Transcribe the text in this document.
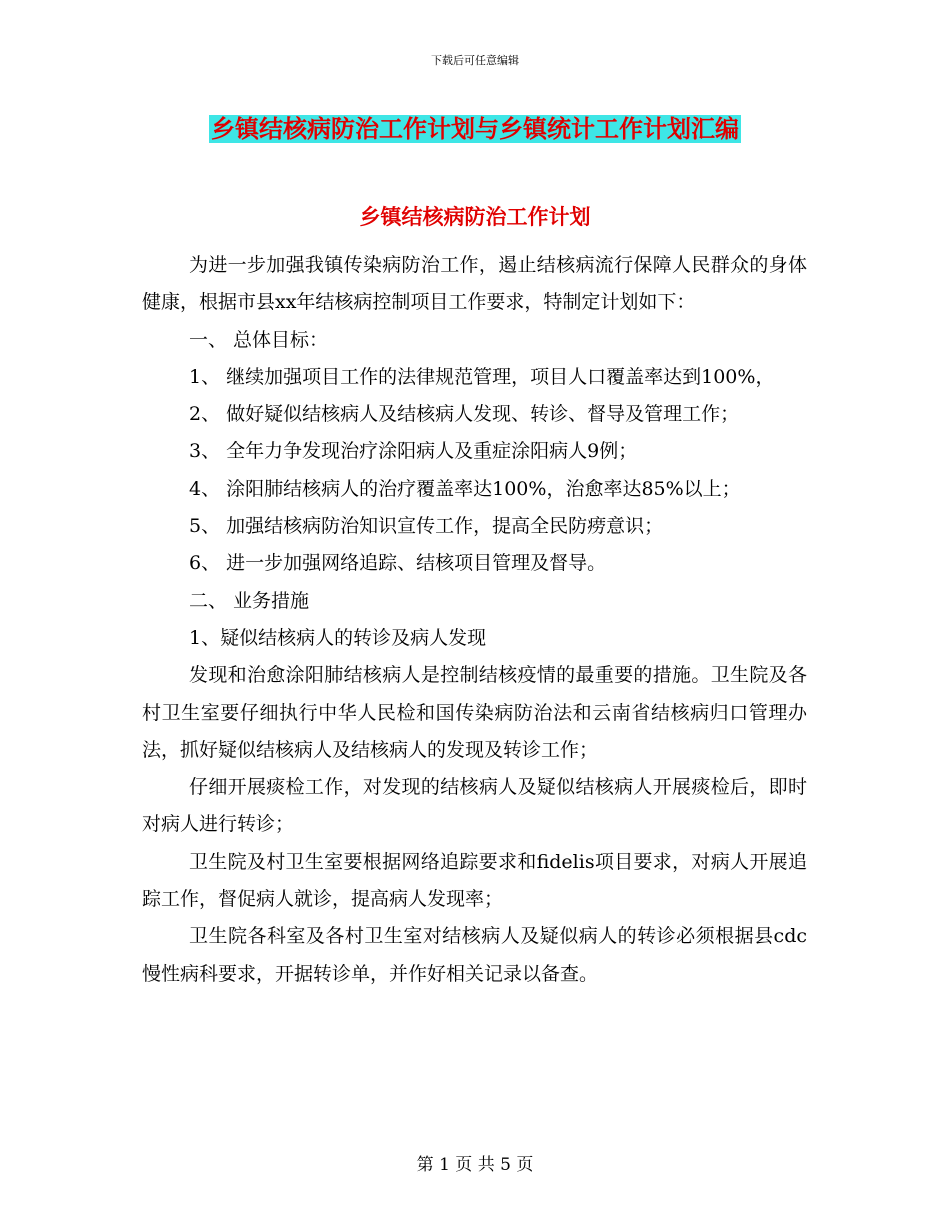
下载后可任意编辑
乡镇结核病防治工作计划与乡镇统计工作计划汇编
乡镇结核病防治工作计划

为进一步加强我镇传染病防治工作，遏止结核病流行保障人民群众的身体健康，根据市县xx年结核病控制项目工作要求，特制定计划如下：

一、 总体目标：

1、 继续加强项目工作的法律规范管理，项目人口覆盖率达到100%，

2、 做好疑似结核病人及结核病人发现、转诊、督导及管理工作；

3、 全年力争发现治疗涂阳病人及重症涂阳病人9例；

4、 涂阳肺结核病人的治疗覆盖率达100%，治愈率达85%以上；

5、 加强结核病防治知识宣传工作，提高全民防痨意识；

6、 进一步加强网络追踪、结核项目管理及督导。

二、 业务措施

1、疑似结核病人的转诊及病人发现

发现和治愈涂阳肺结核病人是控制结核疫情的最重要的措施。卫生院及各村卫生室要仔细执行中华人民检和国传染病防治法和云南省结核病归口管理办法，抓好疑似结核病人及结核病人的发现及转诊工作；

仔细开展痰检工作，对发现的结核病人及疑似结核病人开展痰检后，即时对病人进行转诊；

卫生院及村卫生室要根据网络追踪要求和fidelis项目要求，对病人开展追踪工作，督促病人就诊，提高病人发现率；

卫生院各科室及各村卫生室对结核病人及疑似病人的转诊必须根据县cdc慢性病科要求，开据转诊单，并作好相关记录以备查。

第 1 页 共 5 页
